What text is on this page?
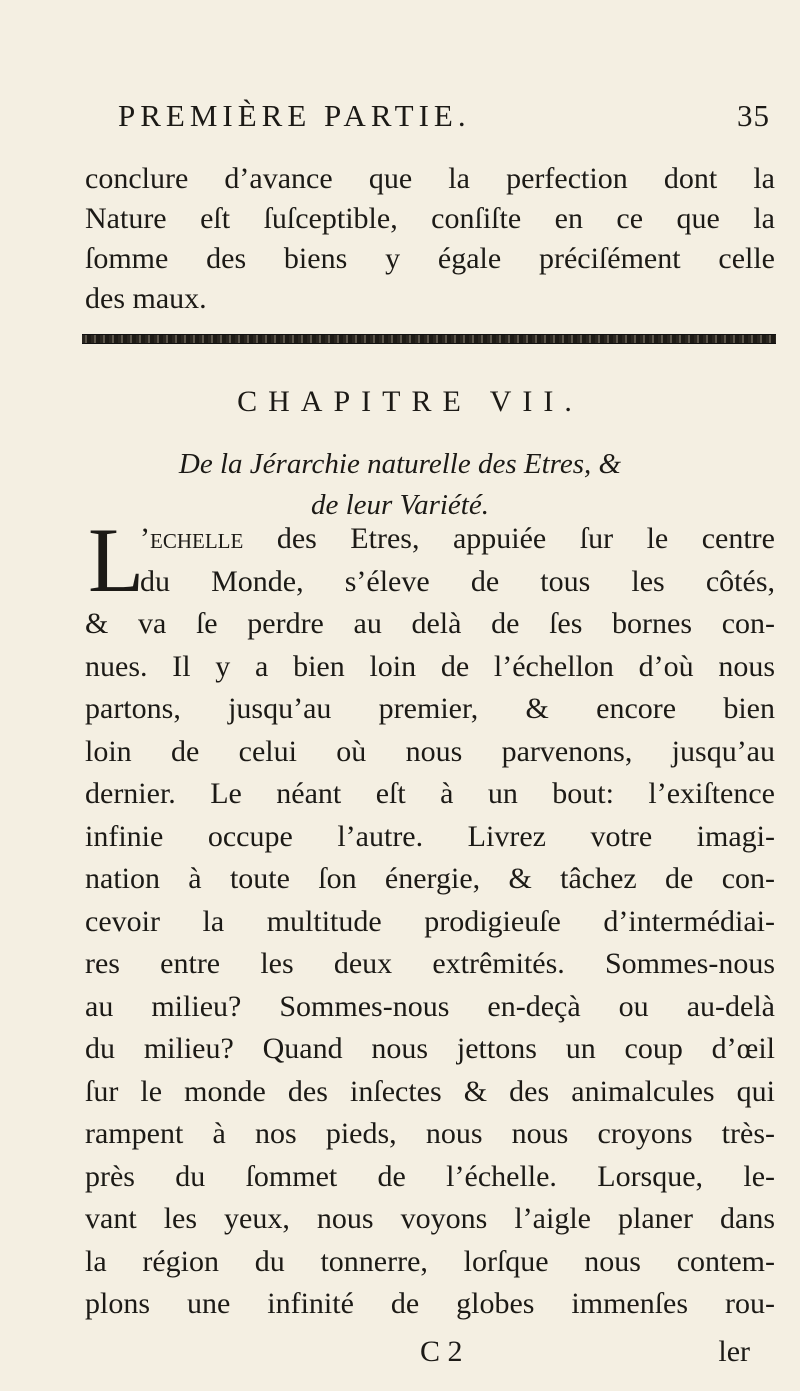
PREMIÈRE PARTIE.	35
conclure d’avance que la perfection dont la
Nature eſt ſuſceptible, conſiſte en ce que la
ſomme des biens y égale préciſément celle
des maux.
CHAPITRE VII.
De la Jérarchie naturelle des Etres, &
de leur Variété.
L
’echelle des Etres, appuiée ſur le centre
du Monde, s’éleve de tous les côtés,
& va ſe perdre au delà de ſes bornes con-
nues. Il y a bien loin de l’échellon d’où nous
partons, jusqu’au premier, & encore bien
loin de celui où nous parvenons, jusqu’au
dernier. Le néant eſt à un bout: l’exiſtence
infinie occupe l’autre. Livrez votre imagi-
nation à toute ſon énergie, & tâchez de con-
cevoir la multitude prodigieuſe d’intermédiai-
res entre les deux extrêmités. Sommes-nous
au milieu? Sommes-nous en-deçà ou au-delà
du milieu? Quand nous jettons un coup d’œil
ſur le monde des inſectes & des animalcules qui
rampent à nos pieds, nous nous croyons très-
près du ſommet de l’échelle. Lorsque, le-
vant les yeux, nous voyons l’aigle planer dans
la région du tonnerre, lorſque nous contem-
plons une infinité de globes immenſes rou-
C 2	ler
